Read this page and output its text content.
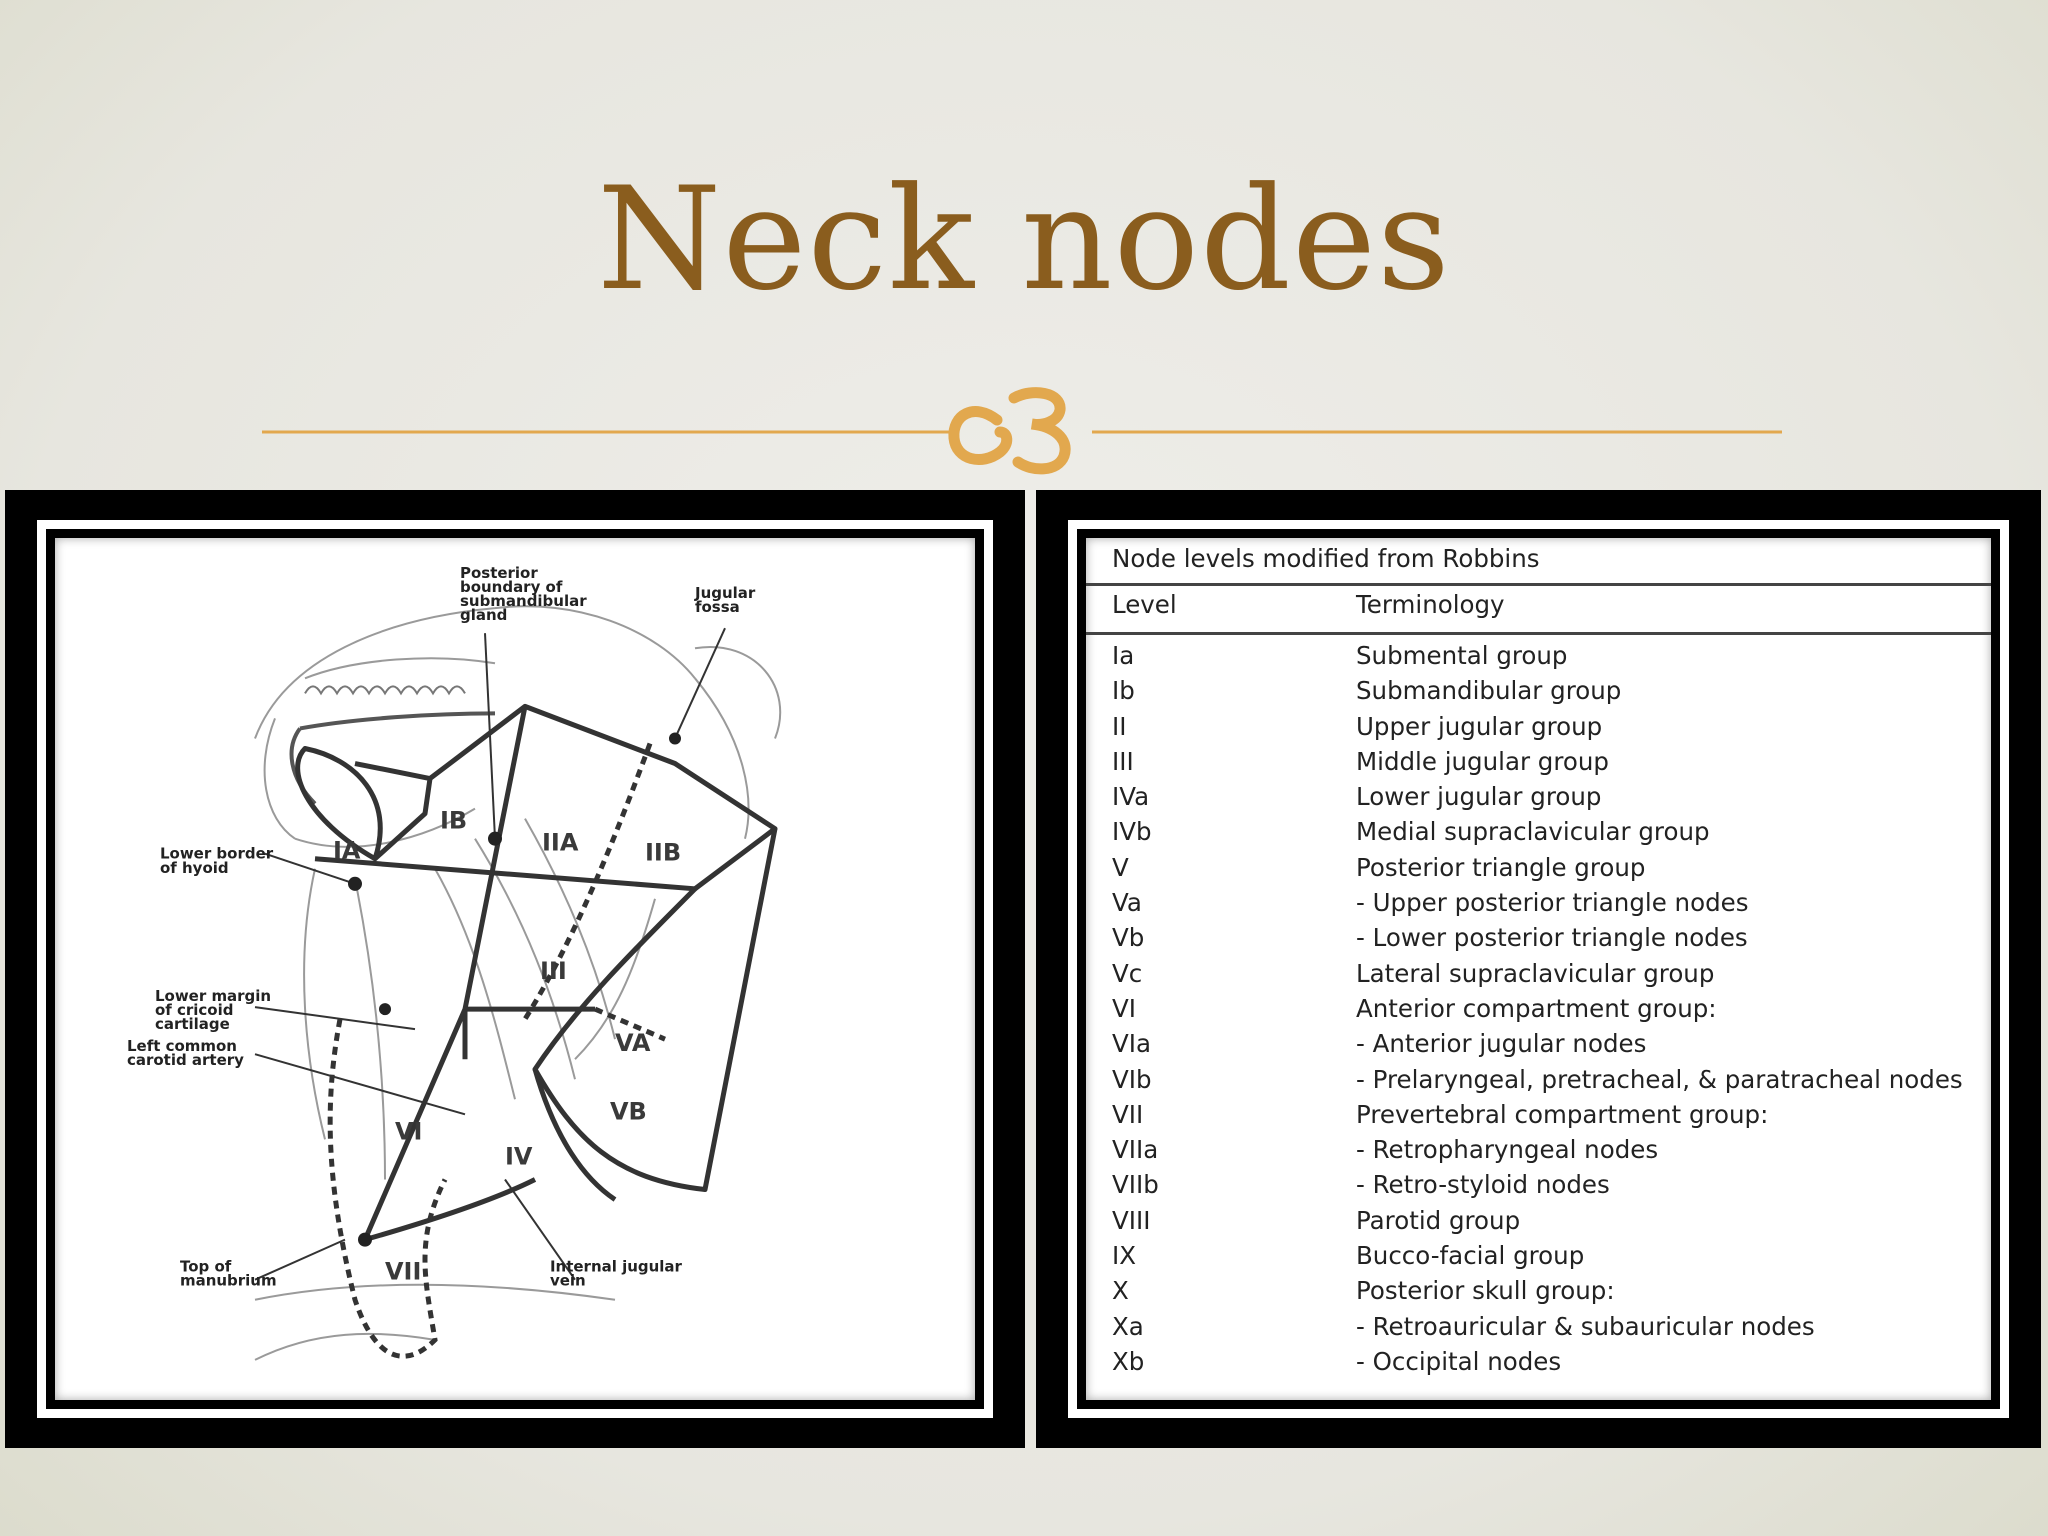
Neck nodes
Posterior boundary of submandibular gland
Jugular fossa
Lower border of hyoid
Lower margin of cricoid cartilage
Left common carotid artery
Top of manubrium
Internal jugular vein
IA
IB
IIA	IIB
III
IV
VA
VB
VI
VII
Node levels modified from Robbins
Level	Terminology
Ia	Submental group
Ib	Submandibular group
II	Upper jugular group
III	Middle jugular group
IVa	Lower jugular group
IVb	Medial supraclavicular group
V	Posterior triangle group
Va	- Upper posterior triangle nodes
Vb	- Lower posterior triangle nodes
Vc	Lateral supraclavicular group
VI	Anterior compartment group:
VIa	- Anterior jugular nodes
VIb	- Prelaryngeal, pretracheal, & paratracheal nodes
VII	Prevertebral compartment group:
VIIa	- Retropharyngeal nodes
VIIb	- Retro-styloid nodes
VIII	Parotid group
IX	Bucco-facial group
X	Posterior skull group:
Xa	- Retroauricular & subauricular nodes
Xb	- Occipital nodes
